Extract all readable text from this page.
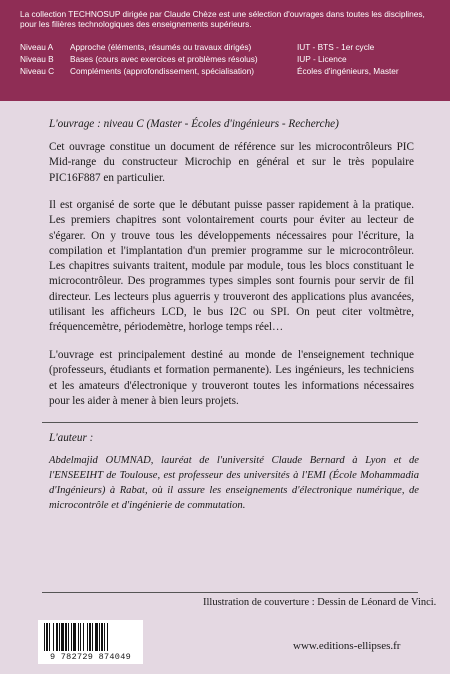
La collection TECHNOSUP dirigée par Claude Chèze est une sélection d'ouvrages dans toutes les disciplines, pour les filières technologiques des enseignements supérieurs.
Niveau A Approche (éléments, résumés ou travaux dirigés)	IUT - BTS - 1er cycle
Niveau B Bases (cours avec exercices et problèmes résolus)	IUP - Licence
Niveau C Compléments (approfondissement, spécialisation)	Écoles d'ingénieurs, Master
L'ouvrage : niveau C (Master - Écoles d'ingénieurs - Recherche)
Cet ouvrage constitue un document de référence sur les microcontrôleurs PIC Mid-range du constructeur Microchip en général et sur le très populaire PIC16F887 en particulier.
Il est organisé de sorte que le débutant puisse passer rapidement à la pratique. Les premiers chapitres sont volontairement courts pour éviter au lecteur de s'égarer. On y trouve tous les développements nécessaires pour l'écriture, la compilation et l'implantation d'un premier programme sur le microcontrôleur. Les chapitres suivants traitent, module par module, tous les blocs constituant le microcontrôleur. Des programmes types simples sont fournis pour servir de fil directeur. Les lecteurs plus aguerris y trouveront des applications plus avancées, utilisant les afficheurs LCD, le bus I2C ou SPI. On peut citer voltmètre, fréquencemètre, périodemètre, horloge temps réel…
L'ouvrage est principalement destiné au monde de l'enseignement technique (professeurs, étudiants et formation permanente). Les ingénieurs, les techniciens et les amateurs d'électronique y trouveront toutes les informations nécessaires pour les aider à mener à bien leurs projets.
L'auteur :
Abdelmajid OUMNAD, lauréat de l'université Claude Bernard à Lyon et de l'ENSEEIHT de Toulouse, est professeur des universités à l'EMI (École Mohammadia d'Ingénieurs) à Rabat, où il assure les enseignements d'électronique numérique, de microcontrôle et d'ingénierie de commutation.
Illustration de couverture : Dessin de Léonard de Vinci.
9 782729 874049
www.editions-ellipses.fr
